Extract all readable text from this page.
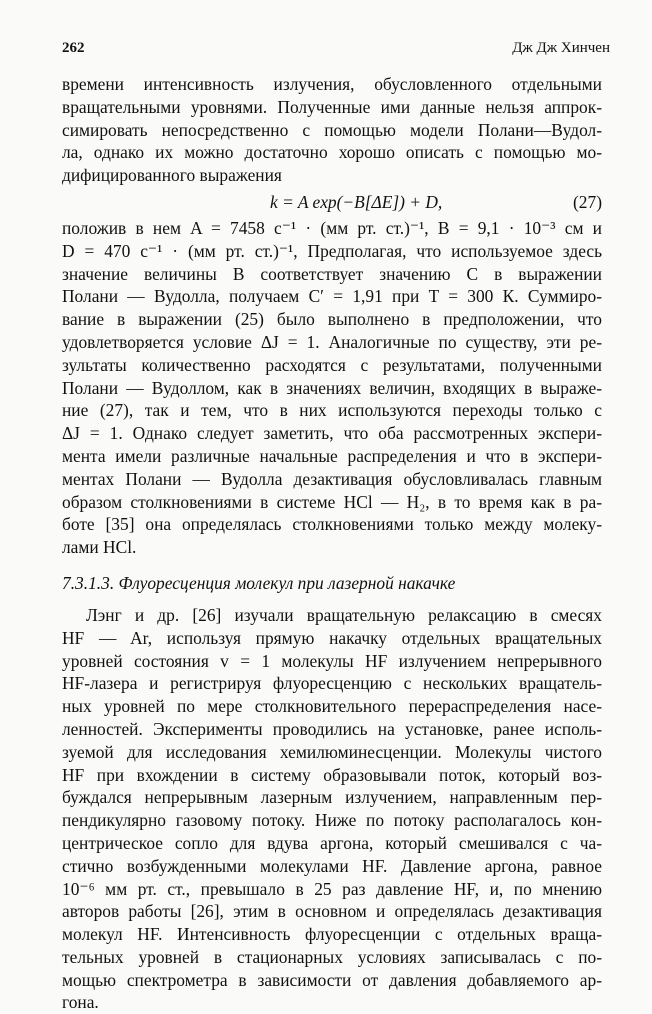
262	Дж Дж Хинчен
времени интенсивность излучения, обусловленного отдельными
вращательными уровнями. Полученные ими данные нельзя аппрок-
симировать непосредственно с помощью модели Полани—Вудол-
ла, однако их можно достаточно хорошо описать с помощью мо-
дифицированного выражения
k = A exp(−B[ΔE]) + D,	(27)
положив в нем A = 7458 с⁻¹ · (мм рт. ст.)⁻¹, B = 9,1 · 10⁻³ см и
D = 470 с⁻¹ · (мм рт. ст.)⁻¹, Предполагая, что используемое здесь
значение величины B соответствует значению C в выражении
Полани — Вудолла, получаем C′ = 1,91 при T = 300 К. Суммиро-
вание в выражении (25) было выполнено в предположении, что
удовлетворяется условие ΔJ = 1. Аналогичные по существу, эти ре-
зультаты количественно расходятся с результатами, полученными
Полани — Вудоллом, как в значениях величин, входящих в выраже-
ние (27), так и тем, что в них используются переходы только с
ΔJ = 1. Однако следует заметить, что оба рассмотренных экспери-
мента имели различные начальные распределения и что в экспери-
ментах Полани — Вудолла дезактивация обусловливалась главным
образом столкновениями в системе HCl — H₂, в то время как в ра-
боте [35] она определялась столкновениями только между молеку-
лами HCl.
7.3.1.3. Флуоресценция молекул при лазерной накачке
Лэнг и др. [26] изучали вращательную релаксацию в смесях
HF — Ar, используя прямую накачку отдельных вращательных
уровней состояния v = 1 молекулы HF излучением непрерывного
HF-лазера и регистрируя флуоресценцию с нескольких вращатель-
ных уровней по мере столкновительного перераспределения насе-
ленностей. Эксперименты проводились на установке, ранее исполь-
зуемой для исследования хемилюминесценции. Молекулы чистого
HF при вхождении в систему образовывали поток, который воз-
буждался непрерывным лазерным излучением, направленным пер-
пендикулярно газовому потоку. Ниже по потоку располагалось кон-
центрическое сопло для вдува аргона, который смешивался с ча-
стично возбужденными молекулами HF. Давление аргона, равное
10⁻⁶ мм рт. ст., превышало в 25 раз давление HF, и, по мнению
авторов работы [26], этим в основном и определялась дезактивация
молекул HF. Интенсивность флуоресценции с отдельных враща-
тельных уровней в стационарных условиях записывалась с по-
мощью спектрометра в зависимости от давления добавляемого ар-
гона.
